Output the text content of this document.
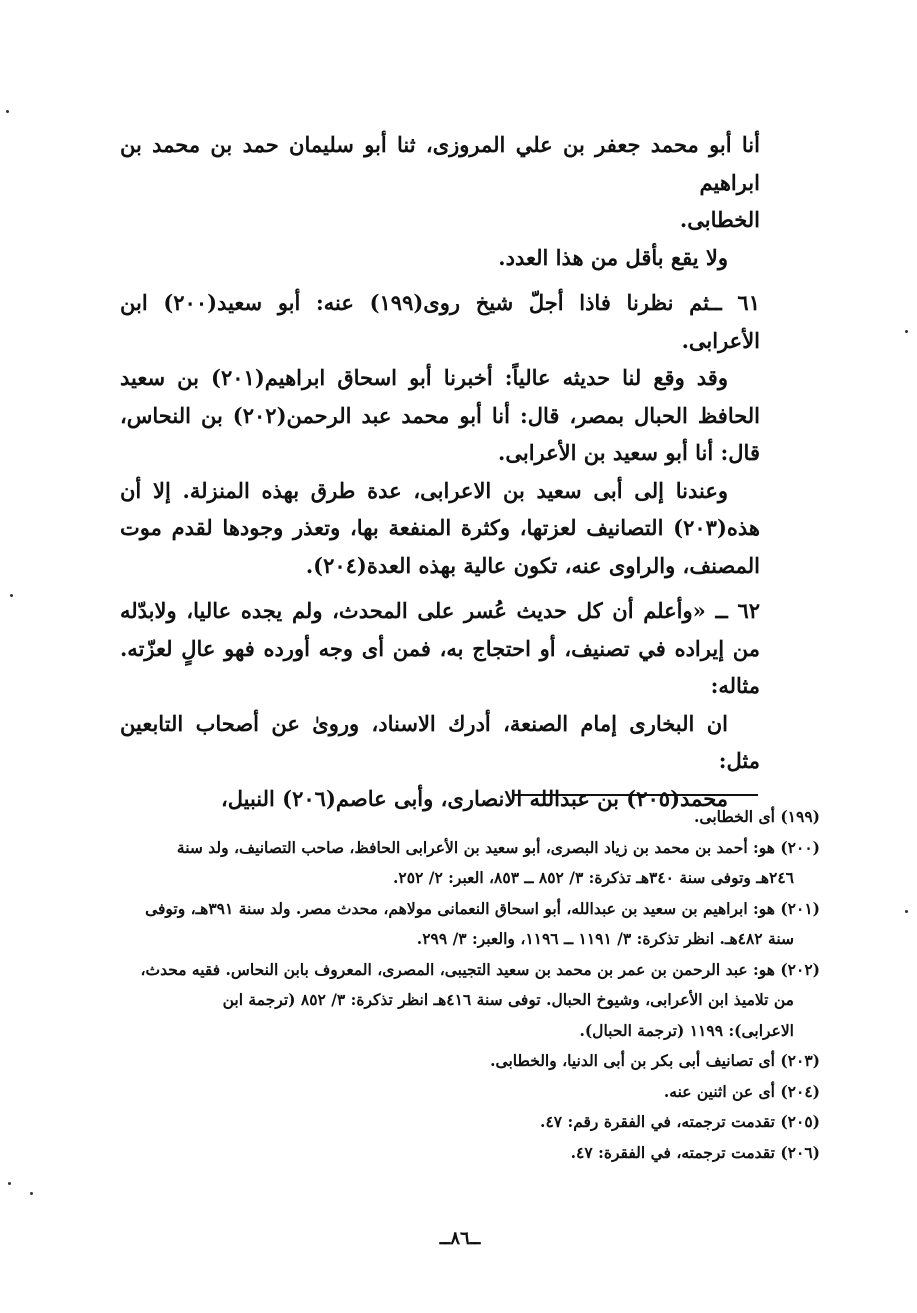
أنا أبو محمد جعفر بن علي المروزى، ثنا أبو سليمان حمد بن محمد بن ابراهيم

الخطابى.

ولا يقع بأقل من هذا العدد.

٦١ ــثم نظرنا فاذا أجلّ شيخ روى(١٩٩) عنه: أبو سعيد(٢٠٠) ابن الأعرابى.

وقد وقع لنا حديثه عالياً: أخبرنا أبو اسحاق ابراهيم(٢٠١) بن سعيد الحافظ الحبال بمصر، قال: أنا أبو محمد عبد الرحمن(٢٠٢) بن النحاس، قال: أنا أبو سعيد بن الأعرابى.

وعندنا إلى أبى سعيد بن الاعرابى، عدة طرق بهذه المنزلة. إلا أن هذه(٢٠٣) التصانيف لعزتها، وكثرة المنفعة بها، وتعذر وجودها لقدم موت المصنف، والراوى عنه، تكون عالية بهذه العدة(٢٠٤).

٦٢ ــ «وأعلم أن كل حديث عُسر على المحدث، ولم يجده عاليا، ولابدّله من إيراده في تصنيف، أو احتجاج به، فمن أى وجه أورده فهو عالٍ لعزّته. مثاله:

ان البخارى إمام الصنعة، أدرك الاسناد، وروىٰ عن أصحاب التابعين مثل:

محمد(٢٠٥) بن عبدالله الانصارى، وأبى عاصم(٢٠٦) النبيل،

(١٩٩) أى الخطابى.

(٢٠٠) هو: أحمد بن محمد بن زياد البصرى، أبو سعيد بن الأعرابى الحافظ، صاحب التصانيف، ولد سنة

٢٤٦هـ وتوفى سنة ٣٤٠هـ تذكرة: ٣/ ٨٥٢ ــ ٨٥٣، العبر: ٢/ ٢٥٢.

(٢٠١) هو: ابراهيم بن سعيد بن عبدالله، أبو اسحاق النعمانى مولاهم، محدث مصر. ولد سنة ٣٩١هـ، وتوفى

سنة ٤٨٢هـ. انظر تذكرة: ٣/ ١١٩١ ــ ١١٩٦، والعبر: ٣/ ٢٩٩.

(٢٠٢) هو: عبد الرحمن بن عمر بن محمد بن سعيد التجيبى، المصرى، المعروف بابن النحاس. فقيه محدث،

من تلاميذ ابن الأعرابى، وشيوخ الحبال. توفى سنة ٤١٦هـ انظر تذكرة: ٣/ ٨٥٢ (ترجمة ابن

الاعرابى): ١١٩٩ (ترجمة الحبال).

(٢٠٣) أى تصانيف أبى بكر بن أبى الدنيا، والخطابى.

(٢٠٤) أى عن اثنين عنه.

(٢٠٥) تقدمت ترجمته، في الفقرة رقم: ٤٧.

(٢٠٦) تقدمت ترجمته، في الفقرة: ٤٧.

ــ٨٦ــ
